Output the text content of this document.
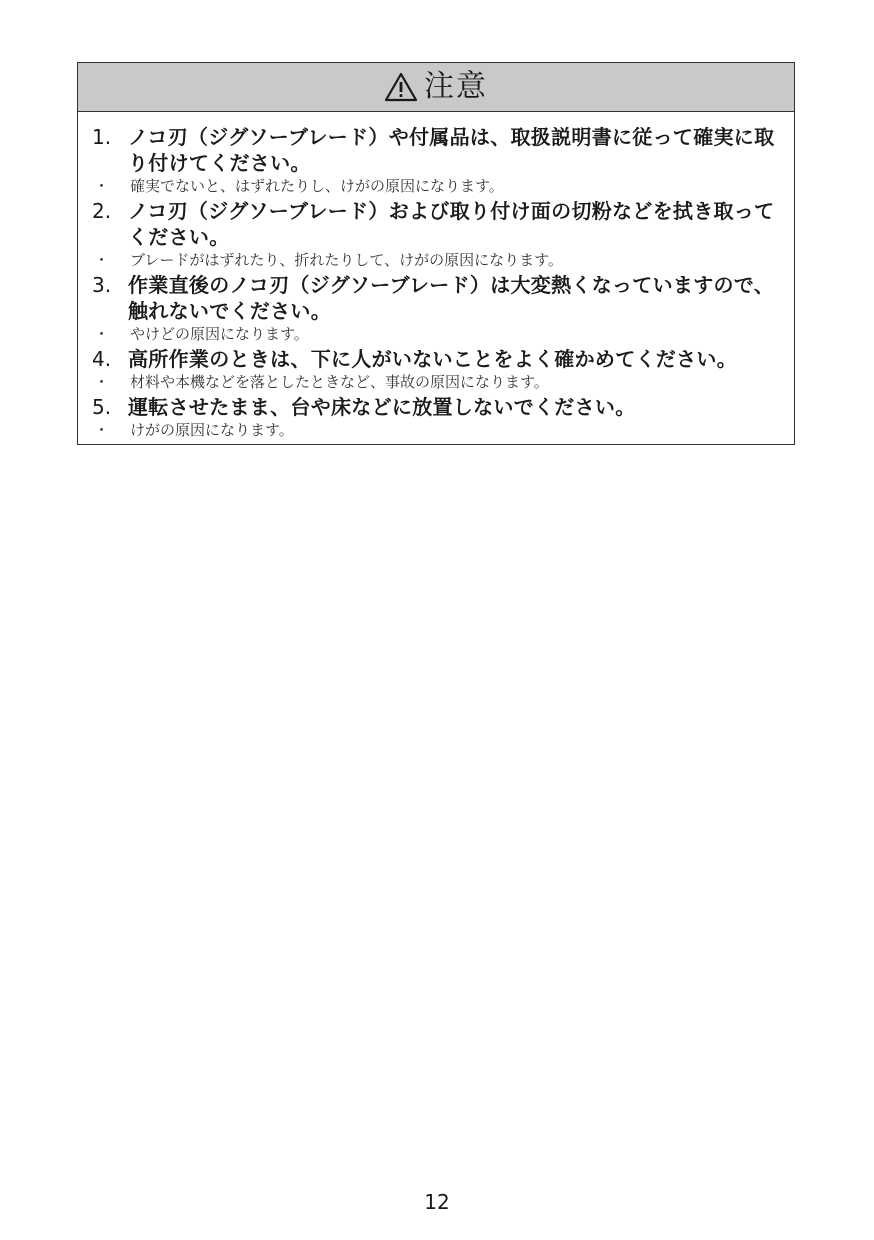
注意
1. ノコ刃（ジグソーブレード）や付属品は、取扱説明書に従って確実に取り付けてください。
・	確実でないと、はずれたりし、けがの原因になります。
2. ノコ刃（ジグソーブレード）および取り付け面の切粉などを拭き取ってください。
・	ブレードがはずれたり、折れたりして、けがの原因になります。
3. 作業直後のノコ刃（ジグソーブレード）は大変熱くなっていますので、触れないでください。
・	やけどの原因になります。
4. 高所作業のときは、下に人がいないことをよく確かめてください。
・	材料や本機などを落としたときなど、事故の原因になります。
5. 運転させたまま、台や床などに放置しないでください。
・	けがの原因になります。
12
